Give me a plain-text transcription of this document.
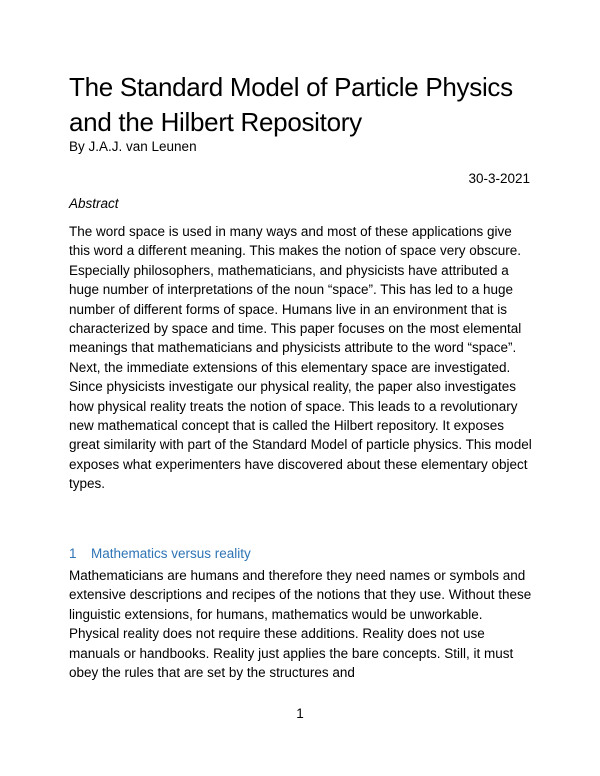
The Standard Model of Particle Physics and the Hilbert Repository
By J.A.J. van Leunen
30-3-2021
Abstract

The word space is used in many ways and most of these applications give this word a different meaning. This makes the notion of space very obscure. Especially philosophers, mathematicians, and physicists have attributed a huge number of interpretations of the noun “space”. This has led to a huge number of different forms of space. Humans live in an environment that is characterized by space and time. This paper focuses on the most elemental meanings that mathematicians and physicists attribute to the word “space”. Next, the immediate extensions of this elementary space are investigated. Since physicists investigate our physical reality, the paper also investigates how physical reality treats the notion of space. This leads to a revolutionary new mathematical concept that is called the Hilbert repository. It exposes great similarity with part of the Standard Model of particle physics. This model exposes what experimenters have discovered about these elementary object types.

1 Mathematics versus reality

Mathematicians are humans and therefore they need names or symbols and extensive descriptions and recipes of the notions that they use. Without these linguistic extensions, for humans, mathematics would be unworkable. Physical reality does not require these additions. Reality does not use manuals or handbooks. Reality just applies the bare concepts. Still, it must obey the rules that are set by the structures and

1
